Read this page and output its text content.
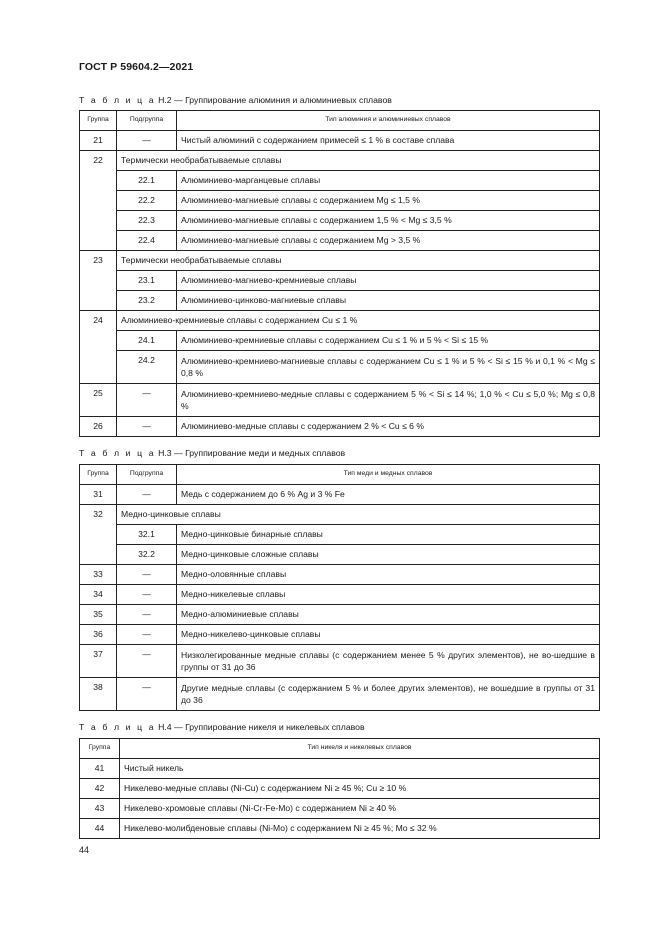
ГОСТ Р 59604.2—2021
Т а б л и ц а Н.2 — Группирование алюминия и алюминиевых сплавов
Группа	Подгруппа	Тип алюминия и алюминиевых сплавов
21	—	Чистый алюминий с содержанием примесей ≤ 1 % в составе сплава
22	Термически необрабатываемые сплавы	
	22.1	Алюминиево-марганцевые сплавы
	22.2	Алюминиево-магниевые сплавы с содержанием Mg ≤ 1,5 %
	22.3	Алюминиево-магниевые сплавы с содержанием 1,5 % < Mg ≤ 3,5 %
	22.4	Алюминиево-магниевые сплавы с содержанием Mg > 3,5 %
23	Термически необрабатываемые сплавы	
	23.1	Алюминиево-магниево-кремниевые сплавы
	23.2	Алюминиево-цинково-магниевые сплавы
24	Алюминиево-кремниевые сплавы с содержанием Cu ≤ 1 %	
	24.1	Алюминиево-кремниевые сплавы с содержанием Cu ≤ 1 % и 5 % < Si ≤ 15 %
	24.2	Алюминиево-кремниево-магниевые сплавы с содержанием Cu ≤ 1 % и 5 % < Si ≤ 15 % и 0,1 % < Mg ≤ 0,8 %
25	—	Алюминиево-кремниево-медные сплавы с содержанием 5 % < Si ≤ 14 %; 1,0 % < Cu ≤ 5,0 %; Mg ≤ 0,8 %
26	—	Алюминиево-медные сплавы с содержанием 2 % < Cu ≤ 6 %
Т а б л и ц а Н.3 — Группирование меди и медных сплавов
Группа	Подгруппа	Тип меди и медных сплавов
31	—	Медь с содержанием до 6 % Ag и 3 % Fe
32	Медно-цинковые сплавы	
	32.1	Медно-цинковые бинарные сплавы
	32.2	Медно-цинковые сложные сплавы
33	—	Медно-оловянные сплавы
34	—	Медно-никелевые сплавы
35	—	Медно-алюминиевые сплавы
36	—	Медно-никелево-цинковые сплавы
37	—	Низколегированные медные сплавы (с содержанием менее 5 % других элементов), не во-шедшие в группы от 31 до 36
38	—	Другие медные сплавы (с содержанием 5 % и более других элементов), не вошедшие в группы от 31 до 36
Т а б л и ц а Н.4 — Группирование никеля и никелевых сплавов
Группа	Тип никеля и никелевых сплавов
41	Чистый никель
42	Никелево-медные сплавы (Ni-Cu) с содержанием Ni ≥ 45 %; Cu ≥ 10 %
43	Никелево-хромовые сплавы (Ni-Cr-Fe-Mo) с содержанием Ni ≥ 40 %
44	Никелево-молибденовые сплавы (Ni-Mo) с содержанием Ni ≥ 45 %; Mo ≤ 32 %
44
